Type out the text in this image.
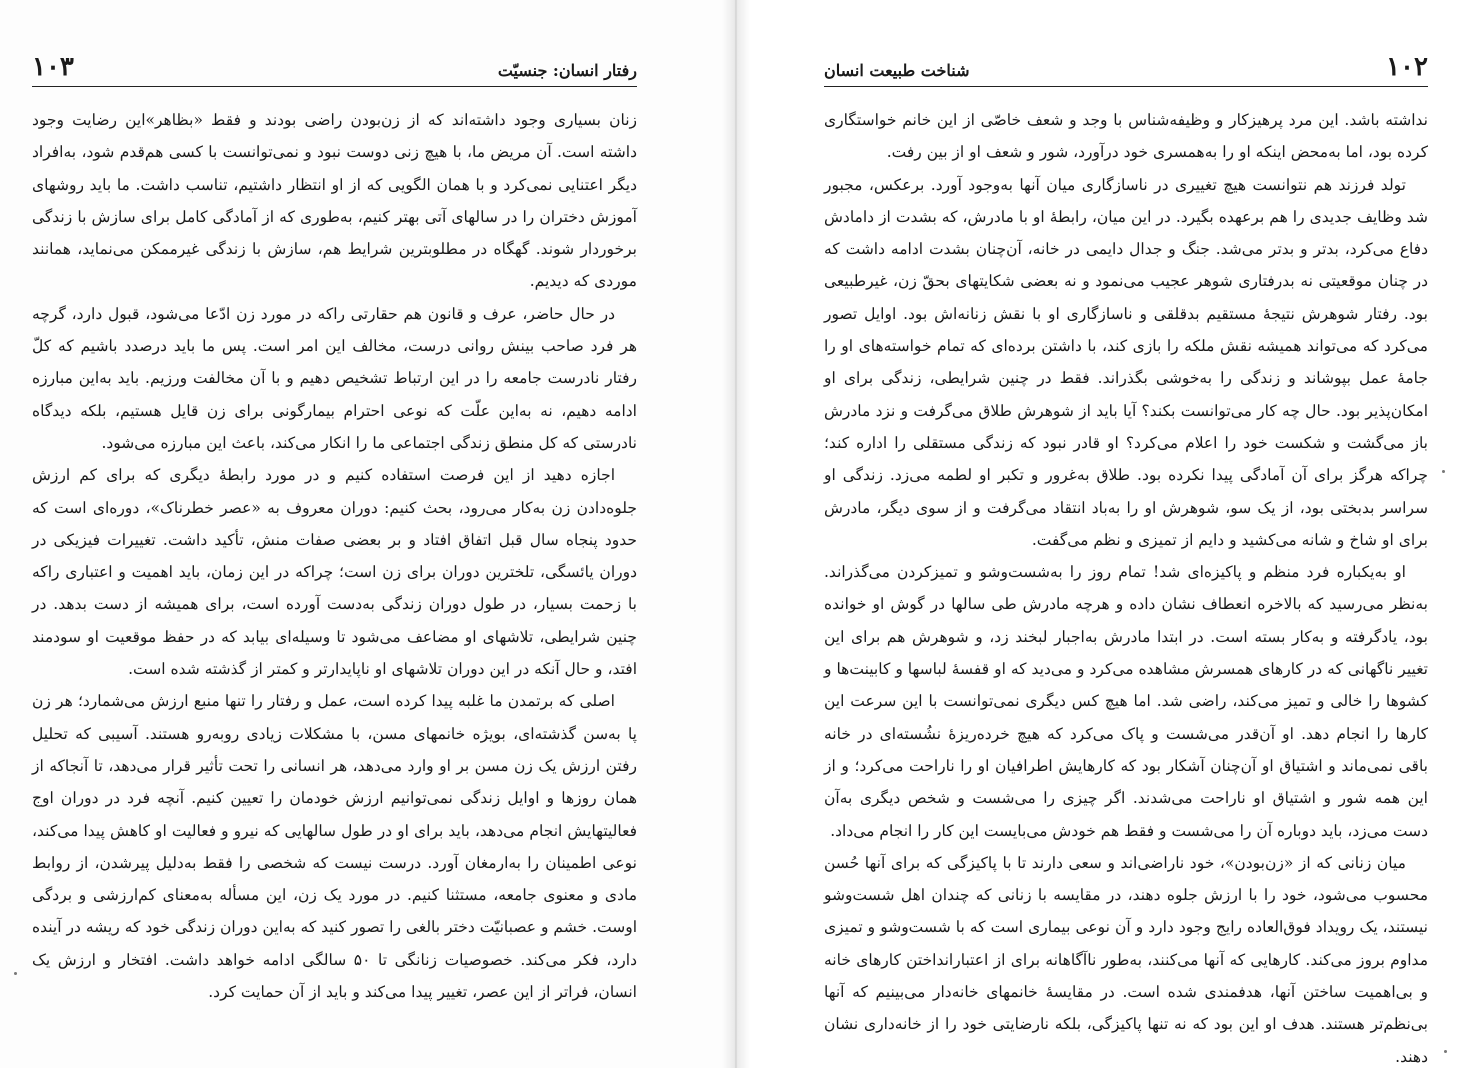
رفتار انسان: جنسیّت
۱۰۳

زنان بسیاری وجود داشته‌اند که از زن‌بودن راضی بودند و فقط «بظاهر»این رضایت وجود داشته است. آن مریض ما، با هیچ زنی دوست نبود و نمی‌توانست با کسی هم‌قدم شود، به‌افراد دیگر اعتنایی نمی‌کرد و با همان الگویی که از او انتظار داشتیم، تناسب داشت. ما باید روشهای آموزش دختران را در سالهای آتی بهتر کنیم، به‌طوری که از آمادگی کامل برای سازش با زندگی برخوردار شوند. گهگاه در مطلوبترین شرایط هم، سازش با زندگی غیرممکن می‌نماید، همانند موردی که دیدیم.

در حال حاضر، عرف و قانون هم حقارتی را‌که در مورد زن ادّعا می‌شود، قبول دارد، گرچه هر فرد صاحب بینش روانی درست، مخالف این امر است. پس ما باید درصدد باشیم که کلّ رفتار نادرست جامعه را در این ارتباط تشخیص دهیم و با آن مخالفت ورزیم. باید به‌این مبارزه ادامه دهیم، نه به‌این علّت که نوعی احترام بیمارگونی برای زن قایل هستیم، بلکه دیدگاه نادرستی که کل منطق زندگی اجتماعی ما را انکار می‌کند، باعث این مبارزه می‌شود.

اجازه دهید از این فرصت استفاده کنیم و در مورد رابطهٔ دیگری که برای کم ارزش جلوه‌دادن زن به‌کار می‌رود، بحث کنیم: دوران معروف به «عصر خطرناک»، دوره‌ای است که حدود پنجاه سال قبل اتفاق افتاد و بر بعضی صفات منش، تأکید داشت. تغییرات فیزیکی در دوران یائسگی، تلخترین دوران برای زن است؛ چراکه در این زمان، باید اهمیت و اعتباری را‌که با زحمت بسیار، در طول دوران زندگی به‌دست آورده است، برای همیشه از دست بدهد. در چنین شرایطی، تلاشهای او مضاعف می‌شود تا وسیله‌ای بیابد که در حفظ موقعیت او سودمند افتد، و حال آنکه در این دوران تلاشهای او ناپایدارتر و کمتر از گذشته شده است.

اصلی که برتمدن ما غلبه پیدا کرده است، عمل و رفتار را تنها منبع ارزش می‌شمارد؛ هر زن پا به‌سن گذشته‌ای، بویژه خانمهای مسن، با مشکلات زیادی روبه‌رو هستند. آسیبی که تحلیل رفتن ارزش یک زن مسن بر او وارد می‌دهد، هر انسانی را تحت تأثیر قرار می‌دهد، تا آنجاکه از همان روزها و اوایل زندگی نمی‌توانیم ارزش خودمان را تعیین کنیم. آنچه فرد در دوران اوج فعالیتهایش انجام می‌دهد، باید برای او در طول سالهایی که نیرو و فعالیت او کاهش پیدا می‌کند، نوعی اطمینان را به‌ارمغان آورد. درست نیست که شخصی را فقط به‌دلیل پیرشدن، از روابط مادی و معنوی جامعه، مستثنا کنیم. در مورد یک زن، این مسأله به‌معنای کم‌ارزشی و بردگی اوست. خشم و عصبانیّت دختر بالغی را تصور کنید که به‌این دوران زندگی خود که ریشه در آینده دارد، فکر می‌کند. خصوصیات زنانگی تا ۵۰ سالگی ادامه خواهد داشت. افتخار و ارزش یک انسان، فراتر از این عصر، تغییر پیدا می‌کند و باید از آن حمایت کرد.

۱۰۲
شناخت طبیعت انسان

نداشته باشد. این مرد پرهیزکار و وظیفه‌شناس با وجد و شعف خاصّی از این خانم خواستگاری کرده بود، اما به‌محض اینکه او را به‌همسری خود درآورد، شور و شعف او از بین رفت.

تولد فرزند هم نتوانست هیچ تغییری در ناسازگاری میان آنها به‌وجود آورد. برعکس، مجبور شد وظایف جدیدی را هم برعهده بگیرد. در این میان، رابطهٔ او با مادرش، که بشدت از دامادش دفاع می‌کرد، بدتر و بدتر می‌شد. جنگ و جدال دایمی در خانه، آن‌چنان بشدت ادامه داشت که در چنان موقعیتی نه بدرفتاری شوهر عجیب می‌نمود و نه بعضی شکایتهای بحقّ زن، غیرطبیعی بود. رفتار شوهرش نتیجهٔ مستقیم بدقلقی و ناسازگاری او با نقش زنانه‌اش بود. اوایل تصور می‌کرد که می‌تواند همیشه نقش ملکه را بازی کند، با داشتن برده‌ای که تمام خواسته‌های او را جامهٔ عمل بپوشاند و زندگی را به‌خوشی بگذراند. فقط در چنین شرایطی، زندگی برای او امکان‌پذیر بود. حال چه کار می‌توانست بکند؟ آیا باید از شوهرش طلاق می‌گرفت و نزد مادرش باز می‌گشت و شکست خود را اعلام می‌کرد؟ او قادر نبود که زندگی مستقلی را اداره کند؛ چراکه هرگز برای آن آمادگی پیدا نکرده بود. طلاق به‌غرور و تکبر او لطمه می‌زد. زندگی او سراسر بدبختی بود، از یک سو، شوهرش او را به‌باد انتقاد می‌گرفت و از سوی دیگر، مادرش برای او شاخ و شانه می‌کشید و دایم از تمیزی و نظم می‌گفت.

او به‌یکباره فرد منظم و پاکیزه‌ای شد! تمام روز را به‌شست‌وشو و تمیزکردن می‌گذراند. به‌نظر می‌رسید که بالاخره انعطاف نشان داده و هرچه مادرش طی سالها در گوش او خوانده بود، یادگرفته و به‌کار بسته است. در ابتدا مادرش به‌اجبار لبخند زد، و شوهرش هم برای این تغییر ناگهانی که در کارهای همسرش مشاهده می‌کرد و می‌دید که او قفسهٔ لباسها و کابینت‌ها و کشوها را خالی و تمیز می‌کند، راضی شد. اما هیچ کس دیگری نمی‌توانست با این سرعت این کارها را انجام دهد. او آن‌قدر می‌شست و پاک می‌کرد که هیچ خرده‌ریزهٔ نشُسته‌ای در خانه باقی نمی‌ماند و اشتیاق او آن‌چنان آشکار بود که کارهایش اطرافیان او را ناراحت می‌کرد؛ و از این همه شور و اشتیاق او ناراحت می‌شدند. اگر چیزی را می‌شست و شخص دیگری به‌آن دست می‌زد، باید دوباره آن را می‌شست و فقط هم خودش می‌بایست این کار را انجام می‌داد.

میان زنانی که از «زن‌بودن»، خود ناراضی‌اند و سعی دارند تا با پاکیزگی که برای آنها حُسن محسوب می‌شود، خود را با ارزش جلوه دهند، در مقایسه با زنانی که چندان اهل شست‌وشو نیستند، یک رویداد فوق‌العاده رایج وجود دارد و آن نوعی بیماری است که با شست‌وشو و تمیزی مداوم بروز می‌کند. کارهایی که آنها می‌کنند، به‌طور ناآگاهانه برای از اعتبارانداختن کارهای خانه و بی‌اهمیت ساختن آنها، هدفمندی شده است. در مقایسهٔ خانمهای خانه‌دار می‌بینیم که آنها بی‌نظم‌تر هستند. هدف او این بود که نه تنها پاکیزگی، بلکه نارضایتی خود را از خانه‌داری نشان دهند.
